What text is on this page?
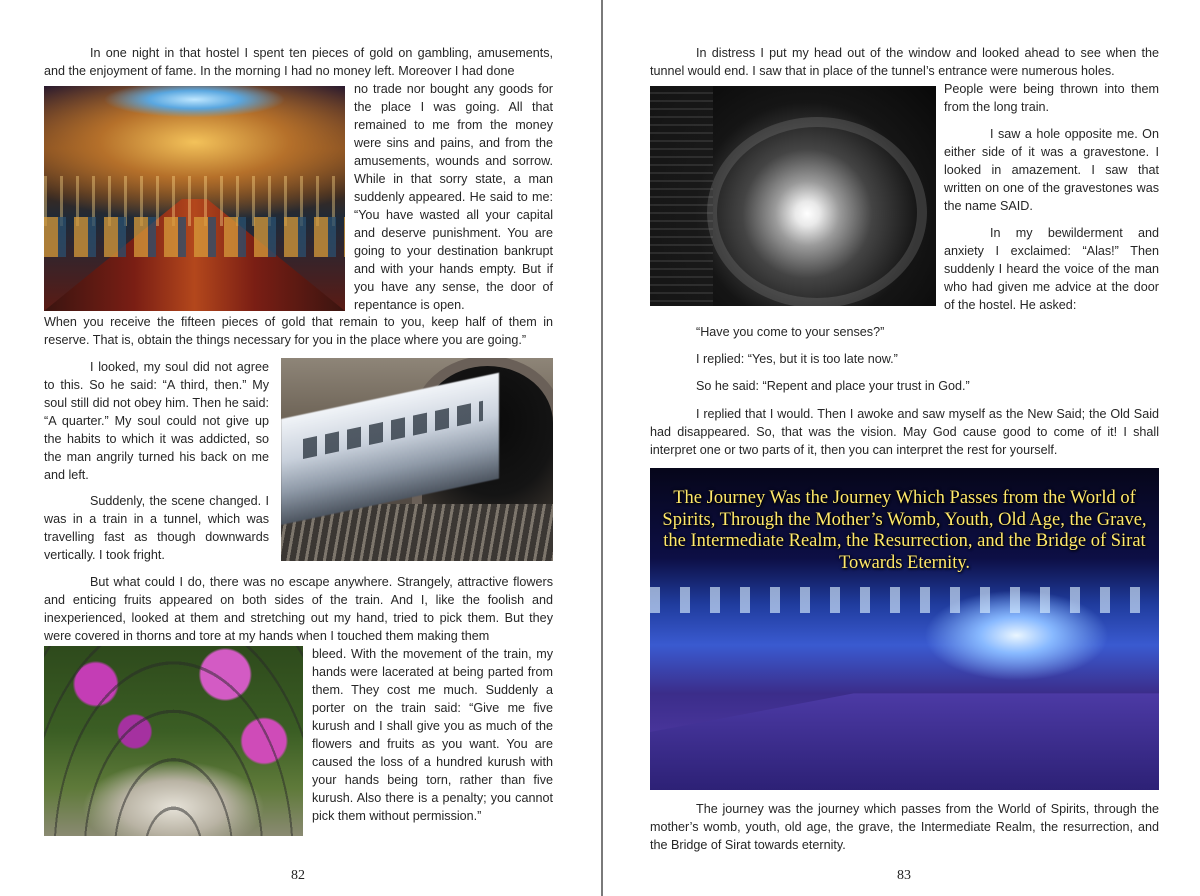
In one night in that hostel I spent ten pieces of gold on gambling, amusements, and the enjoyment of fame. In the morning I had no money left. Moreover I had done

no trade nor bought any goods for the place I was going. All that remained to me from the money were sins and pains, and from the amusements, wounds and sorrow. While in that sorry state, a man suddenly appeared. He said to me: “You have wasted all your capital and deserve punishment. You are going to your destination bankrupt and with your hands empty. But if you have any sense, the door of repentance is open.

When you receive the fifteen pieces of gold that remain to you, keep half of them in reserve. That is, obtain the things necessary for you in the place where you are going.”

I looked, my soul did not agree to this. So he said: “A third, then.” My soul still did not obey him. Then he said: “A quarter.” My soul could not give up the habits to which it was addicted, so the man angrily turned his back on me and left.

Suddenly, the scene changed. I was in a train in a tunnel, which was travelling fast as though downwards vertically. I took fright.

But what could I do, there was no escape anywhere. Strangely, attractive flowers and enticing fruits appeared on both sides of the train. And I, like the foolish and inexperienced, looked at them and stretching out my hand, tried to pick them. But they were covered in thorns and tore at my hands when I touched them making them

bleed. With the movement of the train, my hands were lacerated at being parted from them. They cost me much. Suddenly a porter on the train said: “Give me five kurush and I shall give you as much of the flowers and fruits as you want. You are caused the loss of a hundred kurush with your hands being torn, rather than five kurush. Also there is a penalty; you cannot pick them without permission.”

82

In distress I put my head out of the window and looked ahead to see when the tunnel would end. I saw that in place of the tunnel’s entrance were numerous holes.

People were being thrown into them from the long train.

I saw a hole opposite me. On either side of it was a gravestone. I looked in amazement. I saw that written on one of the gravestones was the name SAID.

In my bewilderment and anxiety I exclaimed: “Alas!” Then suddenly I heard the voice of the man who had given me advice at the door of the hostel. He asked:

“Have you come to your senses?”

I replied: “Yes, but it is too late now.”

So he said: “Repent and place your trust in God.”

I replied that I would. Then I awoke and saw myself as the New Said; the Old Said had disappeared. So, that was the vision. May God cause good to come of it! I shall interpret one or two parts of it, then you can interpret the rest for yourself.

The Journey Was the Journey Which Passes from the World of Spirits, Through the Mother’s Womb, Youth, Old Age, the Grave, the Intermediate Realm, the Resurrection, and the Bridge of Sirat Towards Eternity.

The journey was the journey which passes from the World of Spirits, through the mother’s womb, youth, old age, the grave, the Intermediate Realm, the resurrection, and the Bridge of Sirat towards eternity.

83
